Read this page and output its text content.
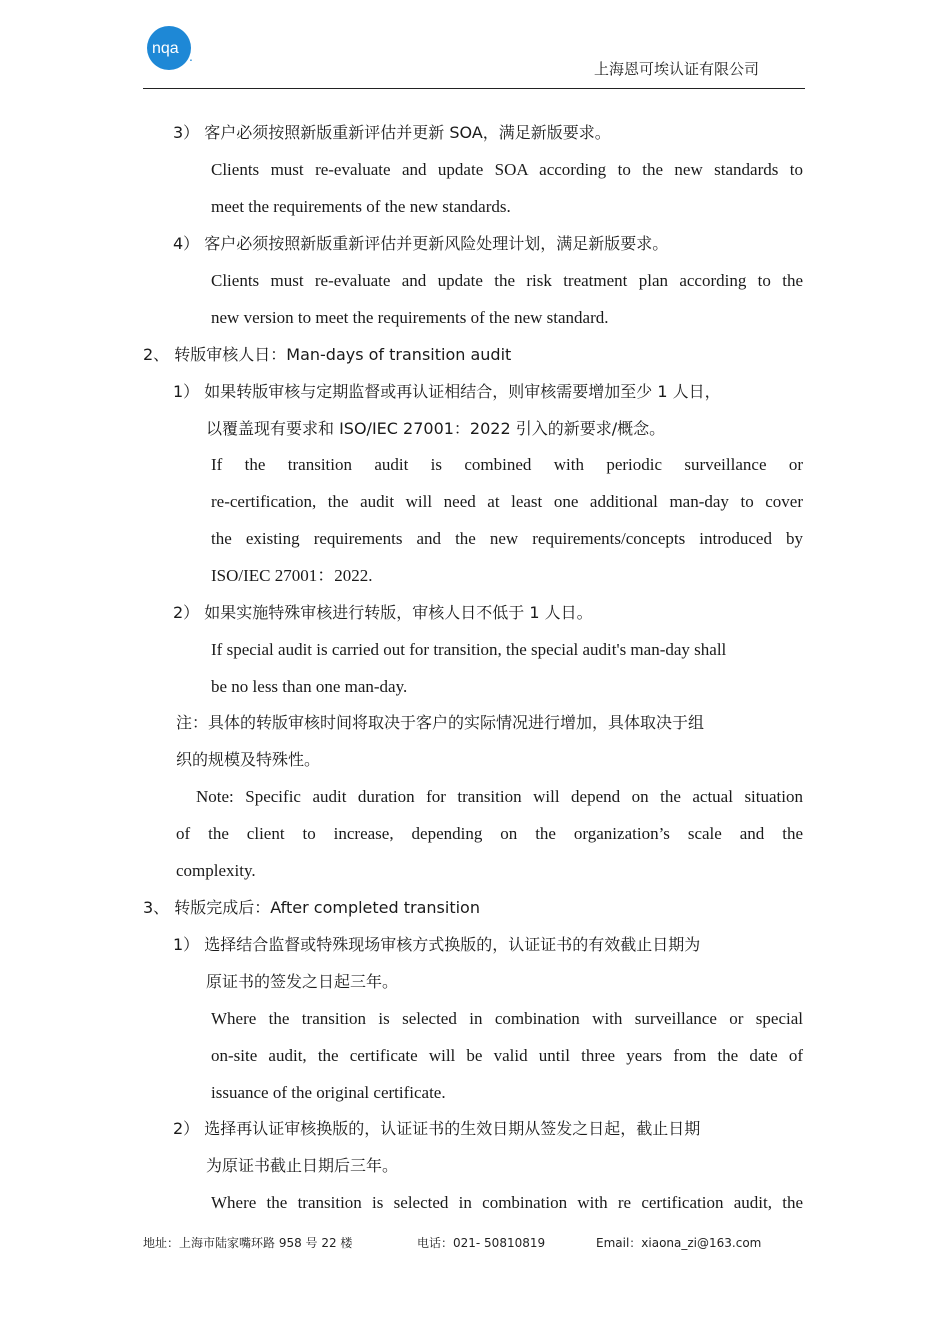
nqa .
上海恩可埃认证有限公司
3） 客户必须按照新版重新评估并更新 SOA，满足新版要求。
Clients must re-evaluate and update SOA according to the new standards to
meet the requirements of the new standards.
4） 客户必须按照新版重新评估并更新风险处理计划，满足新版要求。
Clients must re-evaluate and update the risk treatment plan according to the
new version to meet the requirements of the new standard.
2、 转版审核人日：Man-days of transition audit
1） 如果转版审核与定期监督或再认证相结合，则审核需要增加至少 1 人日，
以覆盖现有要求和 ISO/IEC 27001：2022 引入的新要求/概念。
If the transition audit is combined with periodic surveillance or
re-certification, the audit will need at least one additional man-day to cover
the existing requirements and the new requirements/concepts introduced by
ISO/IEC 27001：2022.
2） 如果实施特殊审核进行转版，审核人日不低于 1 人日。
If special audit is carried out for transition, the special audit's man-day shall
be no less than one man-day.
注：具体的转版审核时间将取决于客户的实际情况进行增加，具体取决于组
织的规模及特殊性。
Note: Specific audit duration for transition will depend on the actual situation
of the client to increase, depending on the organization’s scale and the
complexity.
3、 转版完成后：After completed transition
1） 选择结合监督或特殊现场审核方式换版的，认证证书的有效截止日期为
原证书的签发之日起三年。
Where the transition is selected in combination with surveillance or special
on-site audit, the certificate will be valid until three years from the date of
issuance of the original certificate.
2） 选择再认证审核换版的，认证证书的生效日期从签发之日起，截止日期
为原证书截止日期后三年。
Where the transition is selected in combination with re certification audit, the
地址：上海市陆家嘴环路 958 号 22 楼	电话：021- 50810819	Email：xiaona_zi@163.com
